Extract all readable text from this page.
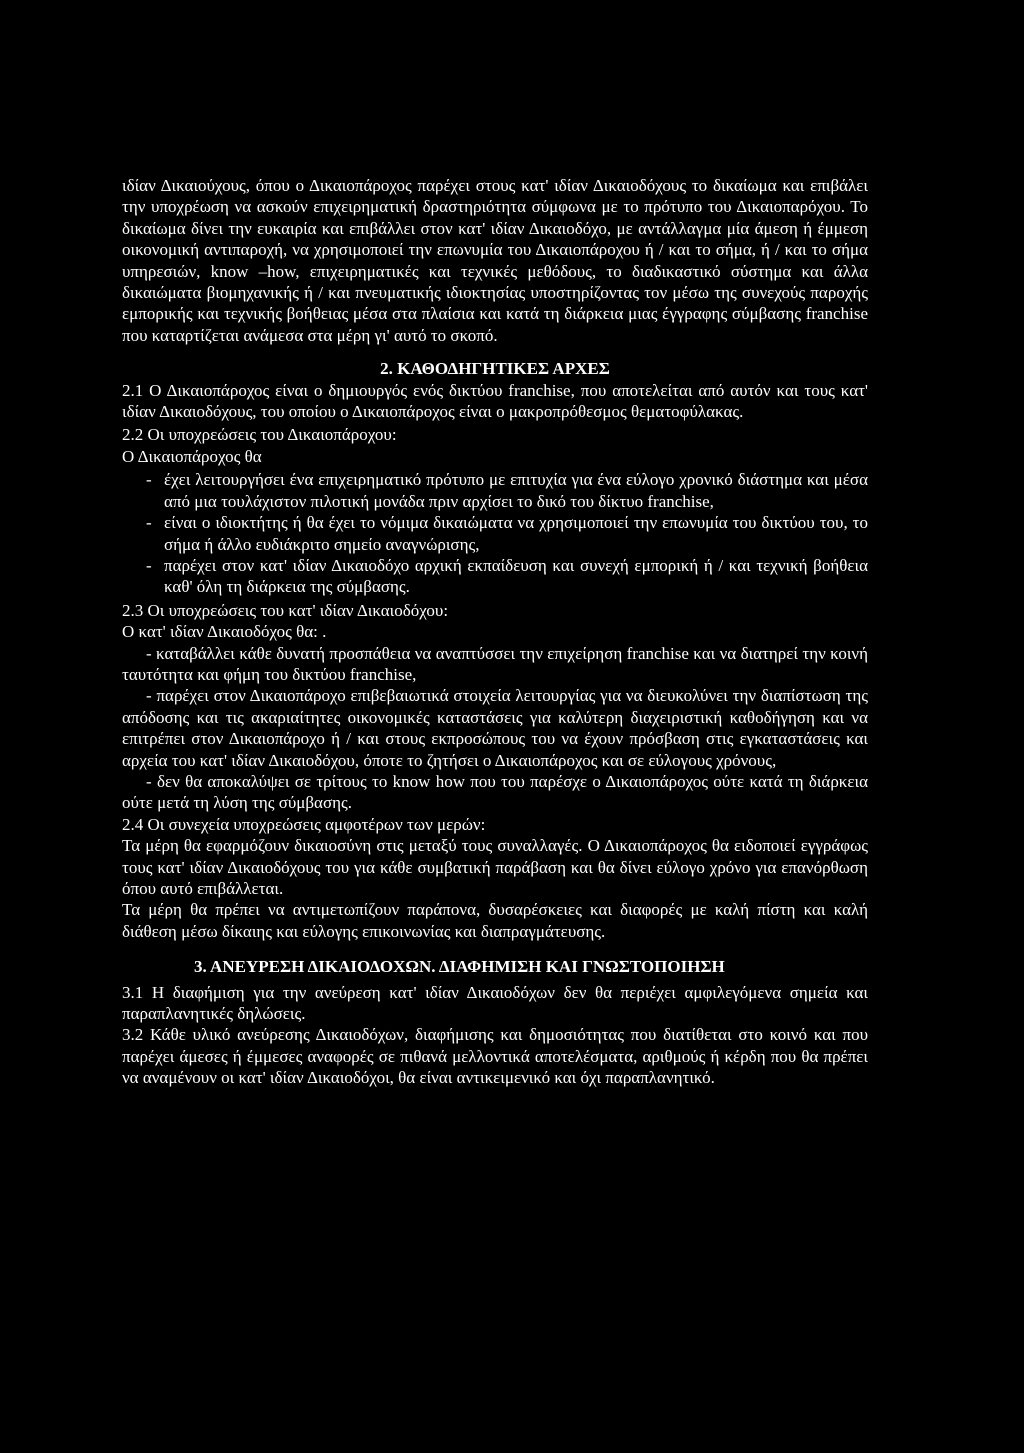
ιδίαν Δικαιούχους, όπου ο Δικαιοπάροχος παρέχει στους κατ' ιδίαν Δικαιοδόχους το δικαίωμα και επιβάλει την υποχρέωση να ασκούν επιχειρηματική δραστηριότητα σύμφωνα με το πρότυπο του Δικαιοπαρόχου. Το δικαίωμα δίνει την ευκαιρία και επιβάλλει στον κατ' ιδίαν Δικαιοδόχο, με αντάλλαγμα μία άμεση ή έμμεση οικονομική αντιπαροχή, να χρησιμοποιεί την επωνυμία του Δικαιοπάροχου ή / και το σήμα, ή / και το σήμα υπηρεσιών, know –how, επιχειρηματικές και τεχνικές μεθόδους, το διαδικαστικό σύστημα και άλλα δικαιώματα βιομηχανικής ή / και πνευματικής ιδιοκτησίας υποστηρίζοντας τον μέσω της συνεχούς παροχής εμπορικής και τεχνικής βοήθειας μέσα στα πλαίσια και κατά τη διάρκεια μιας έγγραφης σύμβασης franchise που καταρτίζεται ανάμεσα στα μέρη γι' αυτό το σκοπό.

2. ΚΑΘΟΔΗΓΗΤΙΚΕΣ ΑΡΧΕΣ

2.1 Ο Δικαιοπάροχος είναι ο δημιουργός ενός δικτύου franchise, που αποτελείται από αυτόν και τους κατ' ιδίαν Δικαιοδόχους, του οποίου ο Δικαιοπάροχος είναι ο μακροπρόθεσμος θεματοφύλακας.

2.2 Οι υποχρεώσεις του Δικαιοπάροχου:

Ο Δικαιοπάροχος θα

- έχει λειτουργήσει ένα επιχειρηματικό πρότυπο με επιτυχία για ένα εύλογο χρονικό διάστημα και μέσα από μια τουλάχιστον πιλοτική μονάδα πριν αρχίσει το δικό του δίκτυο franchise,
- είναι ο ιδιοκτήτης ή θα έχει το νόμιμα δικαιώματα να χρησιμοποιεί την επωνυμία του δικτύου του, το σήμα ή άλλο ευδιάκριτο σημείο αναγνώρισης,
- παρέχει στον κατ' ιδίαν Δικαιοδόχο αρχική εκπαίδευση και συνεχή εμπορική ή / και τεχνική βοήθεια καθ' όλη τη διάρκεια της σύμβασης.

2.3 Οι υποχρεώσεις του κατ' ιδίαν Δικαιοδόχου:

Ο κατ' ιδίαν Δικαιοδόχος θα: .

- καταβάλλει κάθε δυνατή προσπάθεια να αναπτύσσει την επιχείρηση franchise και να διατηρεί την κοινή ταυτότητα και φήμη του δικτύου franchise,

- παρέχει στον Δικαιοπάροχο επιβεβαιωτικά στοιχεία λειτουργίας για να διευκολύνει την διαπίστωση της απόδοσης και τις ακαριαίτητες οικονομικές καταστάσεις για καλύτερη διαχειριστική καθοδήγηση και να επιτρέπει στον Δικαιοπάροχο ή / και στους εκπροσώπους του να έχουν πρόσβαση στις εγκαταστάσεις και αρχεία του κατ' ιδίαν Δικαιοδόχου, όποτε το ζητήσει ο Δικαιοπάροχος και σε εύλογους χρόνους,

- δεν θα αποκαλύψει σε τρίτους το know how που του παρέσχε ο Δικαιοπάροχος ούτε κατά τη διάρκεια ούτε μετά τη λύση της σύμβασης.

2.4 Οι συνεχεία υποχρεώσεις αμφοτέρων των μερών:

Τα μέρη θα εφαρμόζουν δικαιοσύνη στις μεταξύ τους συναλλαγές. Ο Δικαιοπάροχος θα ειδοποιεί εγγράφως τους κατ' ιδίαν Δικαιοδόχους του για κάθε συμβατική παράβαση και θα δίνει εύλογο χρόνο για επανόρθωση όπου αυτό επιβάλλεται.

Τα μέρη θα πρέπει να αντιμετωπίζουν παράπονα, δυσαρέσκειες και διαφορές με καλή πίστη και καλή διάθεση μέσω δίκαιης και εύλογης επικοινωνίας και διαπραγμάτευσης.

3. ΑΝΕΥΡΕΣΗ ΔΙΚΑΙΟΔΟΧΩΝ. ΔΙΑΦΗΜΙΣΗ ΚΑΙ ΓΝΩΣΤΟΠΟΙΗΣΗ

3.1 Η διαφήμιση για την ανεύρεση κατ' ιδίαν Δικαιοδόχων δεν θα περιέχει αμφιλεγόμενα σημεία και παραπλανητικές δηλώσεις.

3.2 Κάθε υλικό ανεύρεσης Δικαιοδόχων, διαφήμισης και δημοσιότητας που διατίθεται στο κοινό και που παρέχει άμεσες ή έμμεσες αναφορές σε πιθανά μελλοντικά αποτελέσματα, αριθμούς ή κέρδη που θα πρέπει να αναμένουν οι κατ' ιδίαν Δικαιοδόχοι, θα είναι αντικειμενικό και όχι παραπλανητικό.
